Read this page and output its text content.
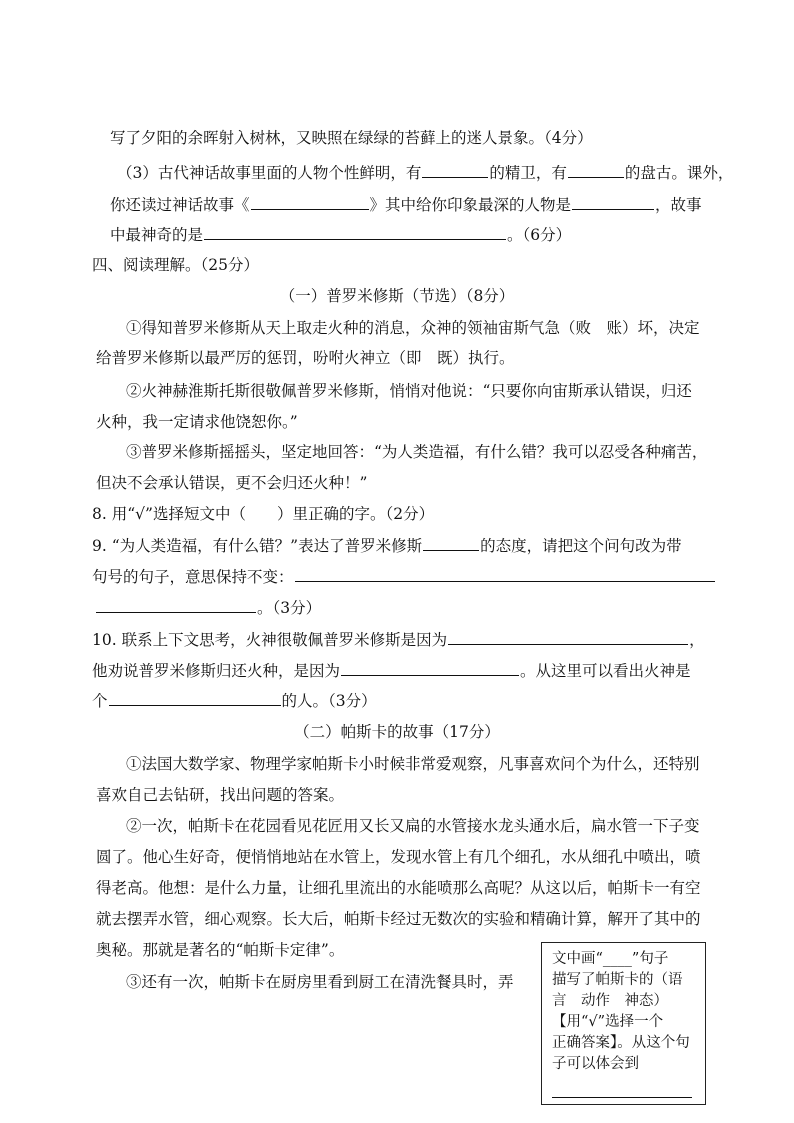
写了夕阳的余晖射入树林，又映照在绿绿的苔藓上的迷人景象。（4分）
（3）古代神话故事里面的人物个性鲜明，有	的精卫，有	的盘古。课外，
你还读过神话故事《	》其中给你印象最深的人物是	，故事
中最神奇的是	。（6分）
四、阅读理解。（25分）
（一）普罗米修斯（节选）（8分）
①得知普罗米修斯从天上取走火种的消息，众神的领袖宙斯气急（败　账）坏，决定
给普罗米修斯以最严厉的惩罚，吩咐火神立（即　既）执行。
②火神赫淮斯托斯很敬佩普罗米修斯，悄悄对他说：“只要你向宙斯承认错误，归还
火种，我一定请求他饶恕你。”
③普罗米修斯摇摇头，坚定地回答：“为人类造福，有什么错？我可以忍受各种痛苦，
但决不会承认错误，更不会归还火种！”
8. 用“√”选择短文中（　　）里正确的字。（2分）
9. “为人类造福，有什么错？”表达了普罗米修斯	的态度，请把这个问句改为带
句号的句子，意思保持不变：
。（3分）
10. 联系上下文思考，火神很敬佩普罗米修斯是因为	，
他劝说普罗米修斯归还火种，是因为	。从这里可以看出火神是
个	的人。（3分）
（二）帕斯卡的故事（17分）
①法国大数学家、物理学家帕斯卡小时候非常爱观察，凡事喜欢问个为什么，还特别
喜欢自己去钻研，找出问题的答案。
②一次，帕斯卡在花园看见花匠用又长又扁的水管接水龙头通水后，扁水管一下子变
圆了。他心生好奇，便悄悄地站在水管上，发现水管上有几个细孔，水从细孔中喷出，喷
得老高。他想：是什么力量，让细孔里流出的水能喷那么高呢？从这以后，帕斯卡一有空
就去摆弄水管，细心观察。长大后，帕斯卡经过无数次的实验和精确计算，解开了其中的
奥秘。那就是著名的“帕斯卡定律”。
③还有一次，帕斯卡在厨房里看到厨工在清洗餐具时，弄
文中画“____”句子
描写了帕斯卡的（语
言　动作　神态）
【用“√”选择一个
正确答案】。从这个句
子可以体会到
